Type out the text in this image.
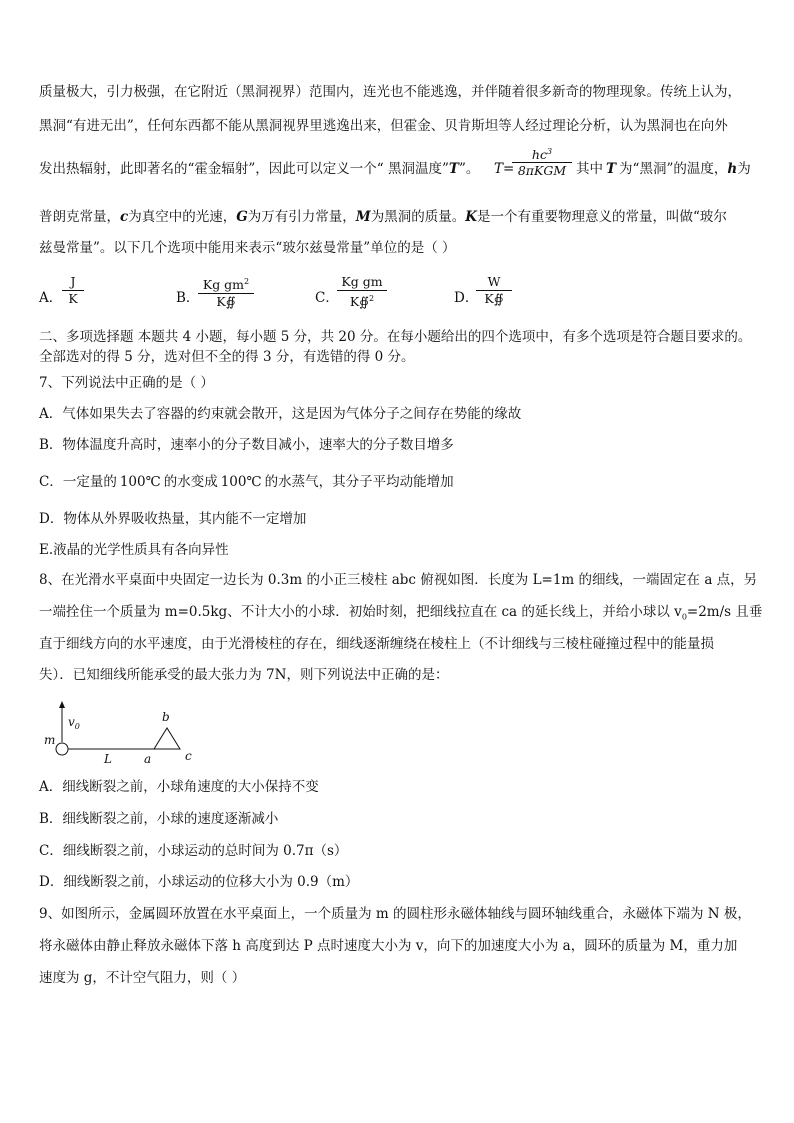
质量极大，引力极强，在它附近（黑洞视界）范围内，连光也不能逃逸，并伴随着很多新奇的物理现象。传统上认为，
黑洞“有进无出”，任何东西都不能从黑洞视界里逃逸出来，但霍金、贝肯斯坦等人经过理论分析，认为黑洞也在向外
发出热辐射，此即著名的“霍金辐射”，因此可以定义一个“ 黑洞温度”T”。 T=
$hc^3$
8πKGM 其中 T 为“黑洞”的温度，h为
普朗克常量，c为真空中的光速，G为万有引力常量，M为黑洞的质量。K是一个有重要物理意义的常量，叫做“玻尔
兹曼常量”。以下几个选项中能用来表示“玻尔兹曼常量”单位的是（ ）
A． $\frac{J}{K}$	B．
$\frac{Kg gm^2}{K∯}$	C．
$\frac{\text{Kg gm}}{K∯^2}$	D．
$\frac{W}{K∯}$
二、多项选择题 本题共 4 小题，每小题 5 分，共 20 分。在每小题给出的四个选项中，有多个选项是符合题目要求的。
全部选对的得 5 分，选对但不全的得 3 分，有选错的得 0 分。
7、下列说法中正确的是（ ）
A．气体如果失去了容器的约束就会散开，这是因为气体分子之间存在势能的缘故
B．物体温度升高时，速率小的分子数目减小，速率大的分子数目增多
C．一定量的 100℃ 的水变成 100℃ 的水蒸气，其分子平均动能增加
D．物体从外界吸收热量，其内能不一定增加
E.液晶的光学性质具有各向异性
8、在光滑水平桌面中央固定一边长为 0.3m 的小正三棱柱 abc 俯视如图．长度为 L=1m 的细线，一端固定在 a 点，另
一端拴住一个质量为 m=0.5kg、不计大小的小球．初始时刻，把细线拉直在 ca 的延长线上，并给小球以 $v_0=2m/s$ 且垂
直于细线方向的水平速度，由于光滑棱柱的存在，细线逐渐缠绕在棱柱上（不计细线与三棱柱碰撞过程中的能量损
失）．已知细线所能承受的最大张力为 7N，则下列说法中正确的是：
$v_0$
m
L	a
b
c
A．细线断裂之前，小球角速度的大小保持不变
B．细线断裂之前，小球的速度逐渐减小
C．细线断裂之前，小球运动的总时间为 0.7π（s）
D．细线断裂之前，小球运动的位移大小为 0.9（m）
9、如图所示，金属圆环放置在水平桌面上，一个质量为 m 的圆柱形永磁体轴线与圆环轴线重合，永磁体下端为 N 极，
将永磁体由静止释放永磁体下落 h 高度到达 P 点时速度大小为 v，向下的加速度大小为 a，圆环的质量为 M，重力加
速度为 g，不计空气阻力，则（ ）
